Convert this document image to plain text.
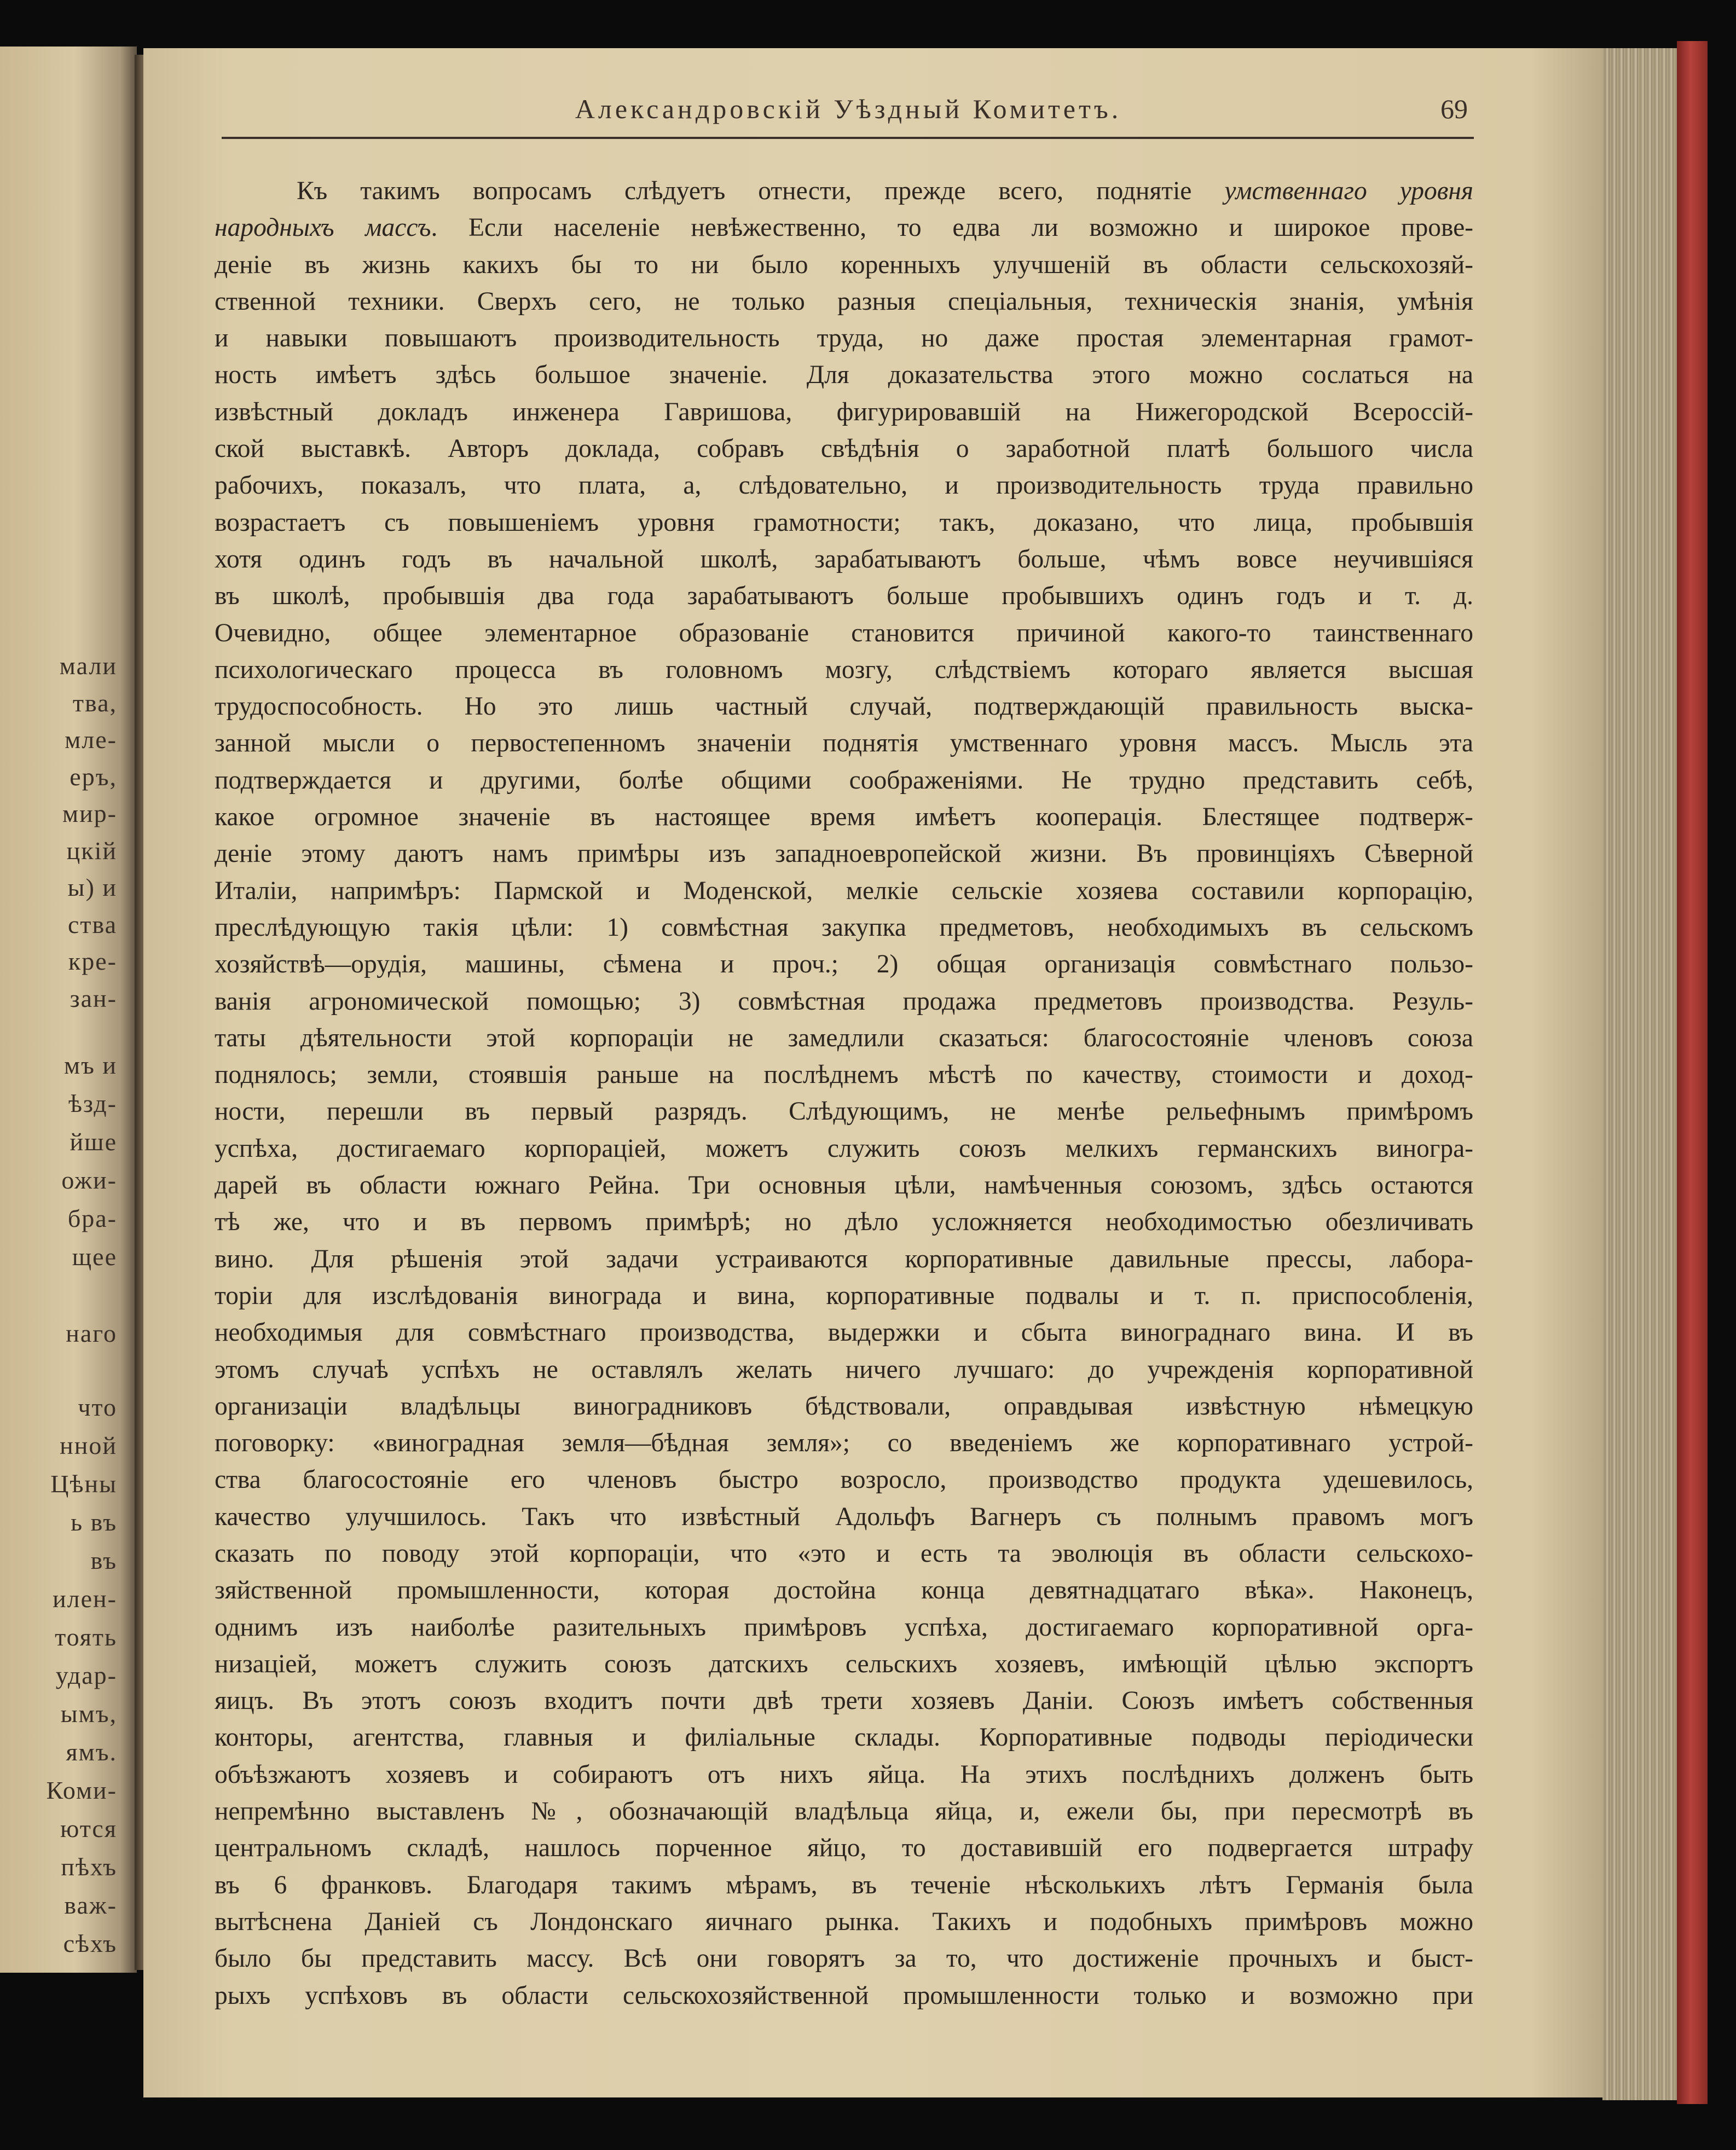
мали
тва,
мле-
еръ,
мир-
цкій
ы) и
ства
кре-
зан-
мъ и
ѣзд-
йше
ожи-
бра-
щее
наго
что
нной
Цѣны
ь въ
въ
илен-
тоять
удар-
ымъ,
ямъ.
Коми-
ются
пѣхъ
важ-
сѣхъ
Александровскій Уѣздный Комитетъ.	69
Къ такимъ вопросамъ слѣдуетъ отнести, прежде всего, поднятіе умственнаго уровня
народныхъ массъ. Если населеніе невѣжественно, то едва ли возможно и широкое прове-
деніе въ жизнь какихъ бы то ни было коренныхъ улучшеній въ области сельскохозяй-
ственной техники. Сверхъ сего, не только разныя спеціальныя, техническія знанія, умѣнія
и навыки повышаютъ производительность труда, но даже простая элементарная грамот-
ность имѣетъ здѣсь большое значеніе. Для доказательства этого можно сослаться на
извѣстный докладъ инженера Гавришова, фигурировавшій на Нижегородской Всероссій-
ской выставкѣ. Авторъ доклада, собравъ свѣдѣнія о заработной платѣ большого числа
рабочихъ, показалъ, что плата, а, слѣдовательно, и производительность труда правильно
возрастаетъ съ повышеніемъ уровня грамотности; такъ, доказано, что лица, пробывшія
хотя одинъ годъ въ начальной школѣ, зарабатываютъ больше, чѣмъ вовсе неучившіяся
въ школѣ, пробывшія два года зарабатываютъ больше пробывшихъ одинъ годъ и т. д.
Очевидно, общее элементарное образованіе становится причиной какого-то таинственнаго
психологическаго процесса въ головномъ мозгу, слѣдствіемъ котораго является высшая
трудоспособность. Но это лишь частный случай, подтверждающій правильность выска-
занной мысли о первостепенномъ значеніи поднятія умственнаго уровня массъ. Мысль эта
подтверждается и другими, болѣе общими соображеніями. Не трудно представить себѣ,
какое огромное значеніе въ настоящее время имѣетъ кооперація. Блестящее подтверж-
деніе этому даютъ намъ примѣры изъ западноевропейской жизни. Въ провинціяхъ Сѣверной
Италіи, напримѣръ: Пармской и Моденской, мелкіе сельскіе хозяева составили корпорацію,
преслѣдующую такія цѣли: 1) совмѣстная закупка предметовъ, необходимыхъ въ сельскомъ
хозяйствѣ—орудія, машины, сѣмена и проч.; 2) общая организація совмѣстнаго пользо-
ванія агрономической помощью; 3) совмѣстная продажа предметовъ производства. Резуль-
таты дѣятельности этой корпораціи не замедлили сказаться: благосостояніе членовъ союза
поднялось; земли, стоявшія раньше на послѣднемъ мѣстѣ по качеству, стоимости и доход-
ности, перешли въ первый разрядъ. Слѣдующимъ, не менѣе рельефнымъ примѣромъ
успѣха, достигаемаго корпораціей, можетъ служить союзъ мелкихъ германскихъ виногра-
дарей въ области южнаго Рейна. Три основныя цѣли, намѣченныя союзомъ, здѣсь остаются
тѣ же, что и въ первомъ примѣрѣ; но дѣло усложняется необходимостью обезличивать
вино. Для рѣшенія этой задачи устраиваются корпоративные давильные прессы, лабора-
торіи для изслѣдованія винограда и вина, корпоративные подвалы и т. п. приспособленія,
необходимыя для совмѣстнаго производства, выдержки и сбыта винограднаго вина. И въ
этомъ случаѣ успѣхъ не оставлялъ желать ничего лучшаго: до учрежденія корпоративной
организаціи владѣльцы виноградниковъ бѣдствовали, оправдывая извѣстную нѣмецкую
поговорку: «виноградная земля—бѣдная земля»; со введеніемъ же корпоративнаго устрой-
ства благосостояніе его членовъ быстро возросло, производство продукта удешевилось,
качество улучшилось. Такъ что извѣстный Адольфъ Вагнеръ съ полнымъ правомъ могъ
сказать по поводу этой корпораціи, что «это и есть та эволюція въ области сельскохо-
зяйственной промышленности, которая достойна конца девятнадцатаго вѣка». Наконецъ,
однимъ изъ наиболѣе разительныхъ примѣровъ успѣха, достигаемаго корпоративной орга-
низаціей, можетъ служить союзъ датскихъ сельскихъ хозяевъ, имѣющій цѣлью экспортъ
яицъ. Въ этотъ союзъ входитъ почти двѣ трети хозяевъ Даніи. Союзъ имѣетъ собственныя
конторы, агентства, главныя и филіальные склады. Корпоративные подводы періодически
объѣзжаютъ хозяевъ и собираютъ отъ нихъ яйца. На этихъ послѣднихъ долженъ быть
непремѣнно выставленъ №, обозначающій владѣльца яйца, и, ежели бы, при пересмотрѣ въ
центральномъ складѣ, нашлось порченное яйцо, то доставившій его подвергается штрафу
въ 6 франковъ. Благодаря такимъ мѣрамъ, въ теченіе нѣсколькихъ лѣтъ Германія была
вытѣснена Даніей съ Лондонскаго яичнаго рынка. Такихъ и подобныхъ примѣровъ можно
было бы представить массу. Всѣ они говорятъ за то, что достиженіе прочныхъ и быст-
рыхъ успѣховъ въ области сельскохозяйственной промышленности только и возможно при
